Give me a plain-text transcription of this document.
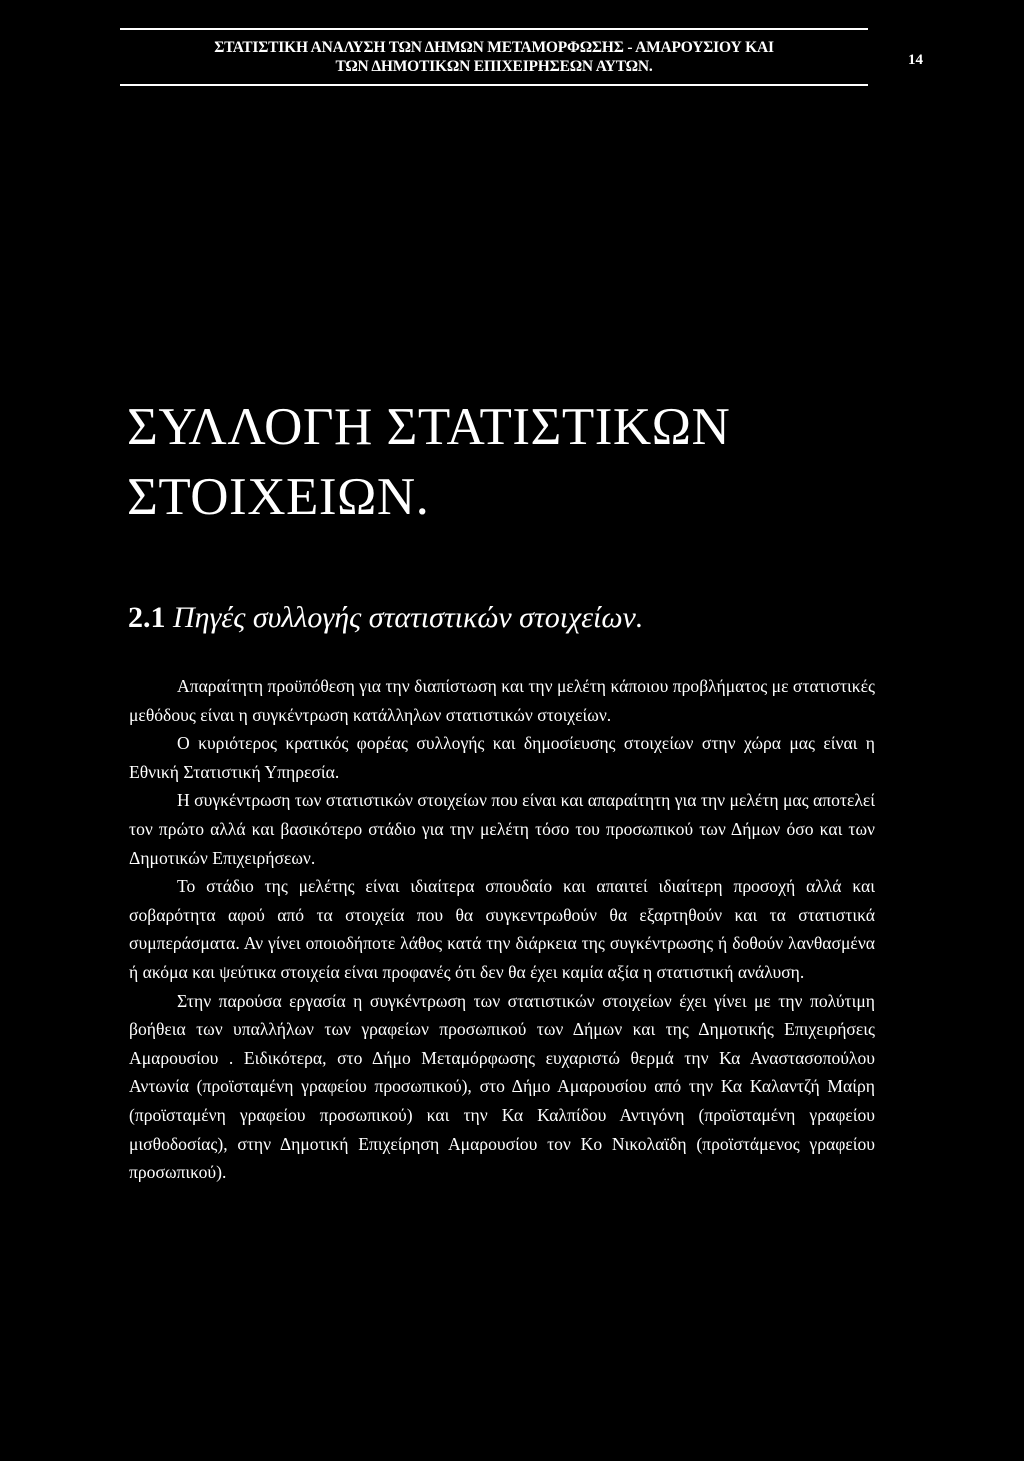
ΣΤΑΤΙΣΤΙΚΗ ΑΝΑΛΥΣΗ ΤΩΝ ΔΗΜΩΝ ΜΕΤΑΜΟΡΦΩΣΗΣ - ΑΜΑΡΟΥΣΙΟΥ ΚΑΙ
ΤΩΝ ΔΗΜΟΤΙΚΩΝ ΕΠΙΧΕΙΡΗΣΕΩΝ ΑΥΤΩΝ.	14
ΣΥΛΛΟΓΗ ΣΤΑΤΙΣΤΙΚΩΝ
ΣΤΟΙΧΕΙΩΝ.
2.1 Πηγές συλλογής στατιστικών στοιχείων.

Απαραίτητη προϋπόθεση για την διαπίστωση και την μελέτη κάποιου προβλήματος με στατιστικές μεθόδους είναι η συγκέντρωση κατάλληλων στατιστικών στοιχείων.

Ο κυριότερος κρατικός φορέας συλλογής και δημοσίευσης στοιχείων στην χώρα μας είναι η Εθνική Στατιστική Υπηρεσία.

Η συγκέντρωση των στατιστικών στοιχείων που είναι και απαραίτητη για την μελέτη μας αποτελεί τον πρώτο αλλά και βασικότερο στάδιο για την μελέτη τόσο του προσωπικού των Δήμων όσο και των Δημοτικών Επιχειρήσεων.

Το στάδιο της μελέτης είναι ιδιαίτερα σπουδαίο και απαιτεί ιδιαίτερη προσοχή αλλά και σοβαρότητα αφού από τα στοιχεία που θα συγκεντρωθούν θα εξαρτηθούν και τα στατιστικά συμπεράσματα. Αν γίνει οποιοδήποτε λάθος κατά την διάρκεια της συγκέντρωσης ή δοθούν λανθασμένα ή ακόμα και ψεύτικα στοιχεία είναι προφανές ότι δεν θα έχει καμία αξία η στατιστική ανάλυση.

Στην παρούσα εργασία η συγκέντρωση των στατιστικών στοιχείων έχει γίνει με την πολύτιμη βοήθεια των υπαλλήλων των γραφείων προσωπικού των Δήμων και της Δημοτικής Επιχειρήσεις Αμαρουσίου . Ειδικότερα, στο Δήμο Μεταμόρφωσης ευχαριστώ θερμά την Κα Αναστασοπούλου Αντωνία (προϊσταμένη γραφείου προσωπικού), στο Δήμο Αμαρουσίου από την Κα Καλαντζή Μαίρη (προϊσταμένη γραφείου προσωπικού) και την Κα Καλπίδου Αντιγόνη (προϊσταμένη γραφείου μισθοδοσίας), στην Δημοτική Επιχείρηση Αμαρουσίου τον Κο Νικολαϊδη (προϊστάμενος γραφείου προσωπικού).
